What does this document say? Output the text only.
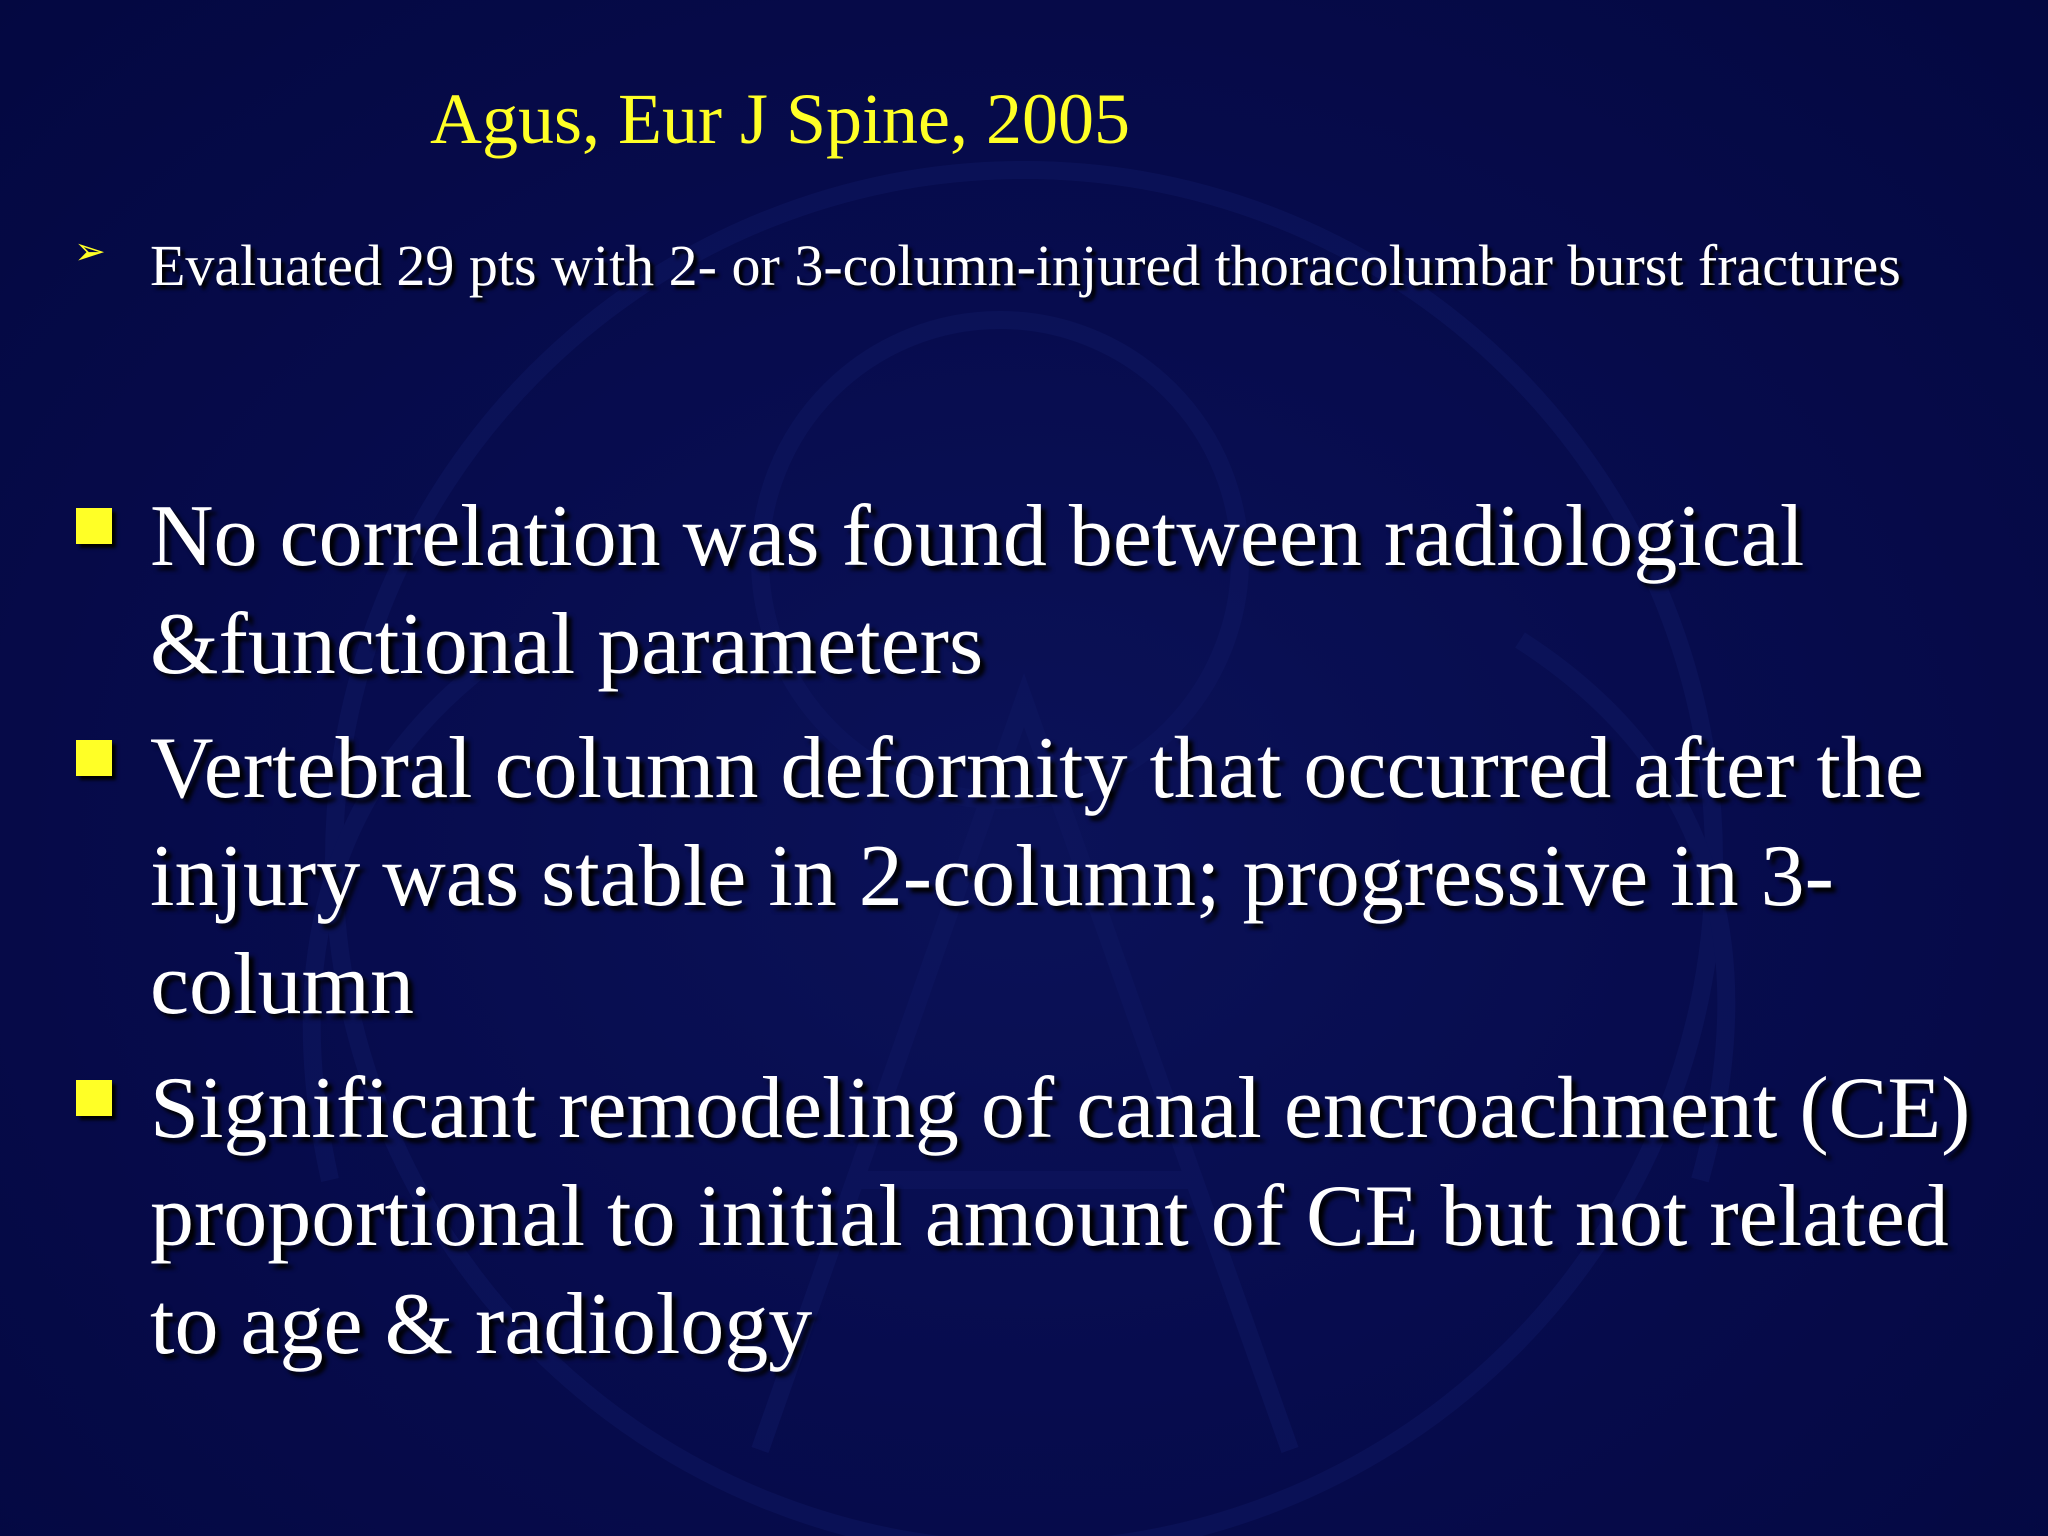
Agus, Eur J Spine, 2005
➢ Evaluated 29 pts with 2- or 3-column-injured thoracolumbar burst fractures
No correlation was found between radiological &functional parameters
Vertebral column deformity that occurred after the injury was stable in 2-column; progressive in 3-column
Significant remodeling of canal encroachment (CE) proportional to initial amount of CE but not related to age & radiology
